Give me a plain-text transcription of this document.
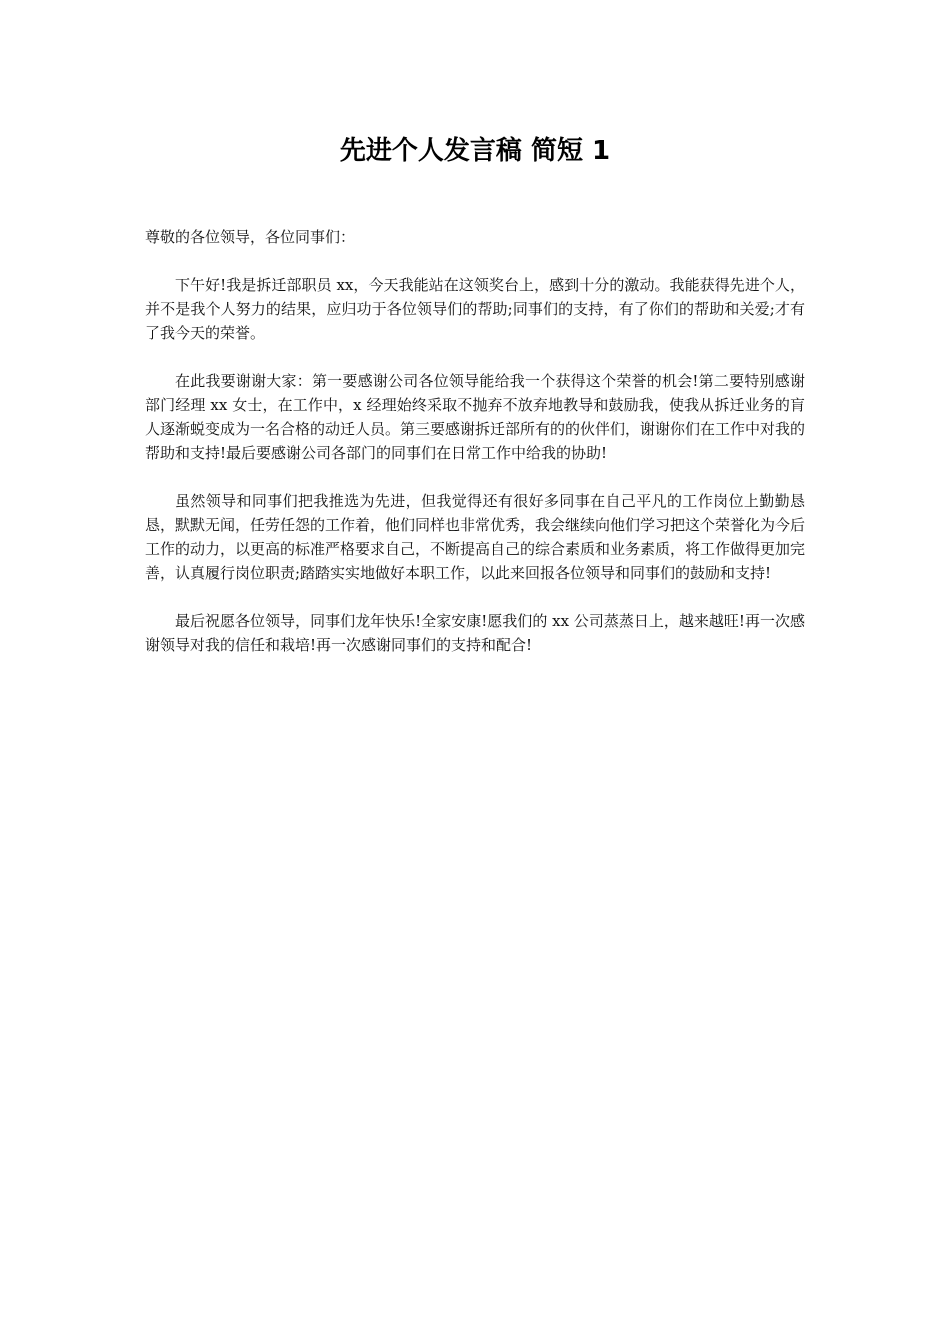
先进个人发言稿 简短 1

尊敬的各位领导，各位同事们：

下午好!我是拆迁部职员 xx，今天我能站在这领奖台上，感到十分的激动。我能获得先进个人，并不是我个人努力的结果，应归功于各位领导们的帮助;同事们的支持，有了你们的帮助和关爱;才有了我今天的荣誉。

在此我要谢谢大家：第一要感谢公司各位领导能给我一个获得这个荣誉的机会!第二要特别感谢部门经理 xx 女士，在工作中，x 经理始终采取不抛弃不放弃地教导和鼓励我，使我从拆迁业务的肓人逐渐蜕变成为一名合格的动迁人员。第三要感谢拆迁部所有的的伙伴们，谢谢你们在工作中对我的帮助和支持!最后要感谢公司各部门的同事们在日常工作中给我的协助!

虽然领导和同事们把我推选为先进，但我觉得还有很好多同事在自己平凡的工作岗位上勤勤恳恳，默默无闻，任劳任怨的工作着，他们同样也非常优秀，我会继续向他们学习把这个荣誉化为今后工作的动力，以更高的标准严格要求自己，不断提高自己的综合素质和业务素质，将工作做得更加完善，认真履行岗位职责;踏踏实实地做好本职工作，以此来回报各位领导和同事们的鼓励和支持!

最后祝愿各位领导，同事们龙年快乐!全家安康!愿我们的 xx 公司蒸蒸日上，越来越旺!再一次感谢领导对我的信任和栽培!再一次感谢同事们的支持和配合!
